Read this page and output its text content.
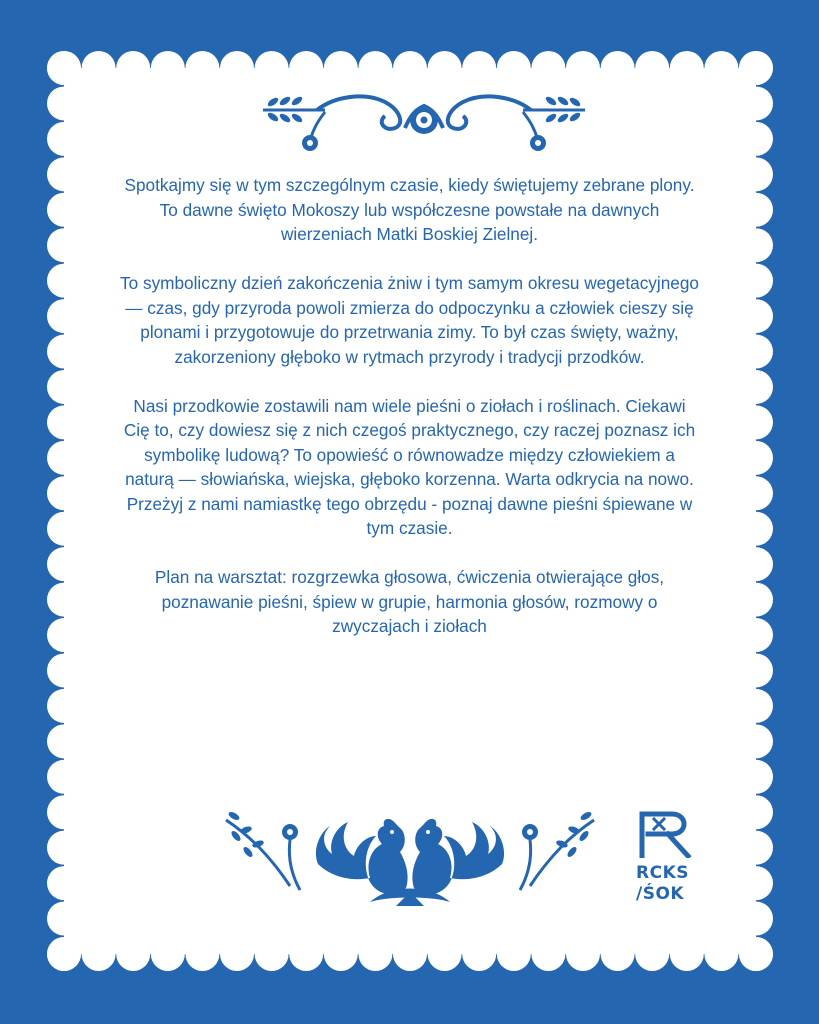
Spotkajmy się w tym szczególnym czasie, kiedy świętujemy zebrane plony. To dawne święto Mokoszy lub współczesne powstałe na dawnych wierzeniach Matki Boskiej Zielnej.

To symboliczny dzień zakończenia żniw i tym samym okresu wegetacyjnego — czas, gdy przyroda powoli zmierza do odpoczynku a człowiek cieszy się plonami i przygotowuje do przetrwania zimy. To był czas święty, ważny, zakorzeniony głęboko w rytmach przyrody i tradycji przodków.

Nasi przodkowie zostawili nam wiele pieśni o ziołach i roślinach. Ciekawi Cię to, czy dowiesz się z nich czegoś praktycznego, czy raczej poznasz ich symbolikę ludową? To opowieść o równowadze między człowiekiem a naturą — słowiańska, wiejska, głęboko korzenna. Warta odkrycia na nowo.

Przeżyj z nami namiastkę tego obrzędu - poznaj dawne pieśni śpiewane w tym czasie.

Plan na warsztat: rozgrzewka głosowa, ćwiczenia otwierające głos, poznawanie pieśni, śpiew w grupie, harmonia głosów, rozmowy o zwyczajach i ziołach

RCKS
/ŚOK
